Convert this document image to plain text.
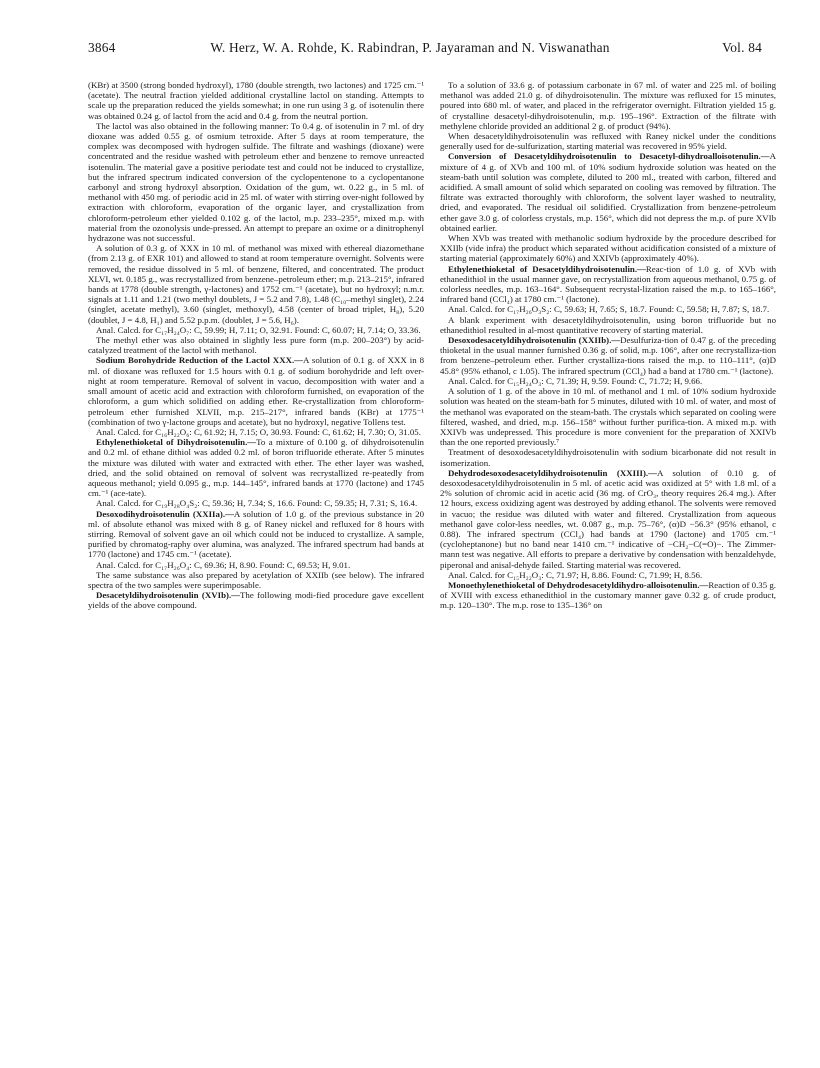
3864	W. Herz, W. A. Rohde, K. Rabindran, P. Jayaraman and N. Viswanathan	Vol. 84

(KBr) at 3500 (strong bonded hydroxyl), 1780 (double strength, two lactones) and 1725 cm.⁻¹ (acetate). The neutral fraction yielded additional crystalline lactol on standing. Attempts to scale up the preparation reduced the yields somewhat; in one run using 3 g. of isotenulin there was obtained 0.24 g. of lactol from the acid and 0.4 g. from the neutral portion.

The lactol was also obtained in the following manner: To 0.4 g. of isotenulin in 7 ml. of dry dioxane was added 0.55 g. of osmium tetroxide. After 5 days at room temperature, the complex was decomposed with hydrogen sulfide. The filtrate and washings (dioxane) were concentrated and the residue washed with petroleum ether and benzene to remove unreacted isotenulin. The material gave a positive periodate test and could not be induced to crystallize, but the infrared spectrum indicated conversion of the cyclopentenone to a cyclopentanone carbonyl and strong hydroxyl absorption. Oxidation of the gum, wt. 0.22 g., in 5 ml. of methanol with 450 mg. of periodic acid in 25 ml. of water with stirring over-night followed by extraction with chloroform, evaporation of the organic layer, and crystallization from chloroform-petroleum ether yielded 0.102 g. of the lactol, m.p. 233–235°, mixed m.p. with material from the ozonolysis unde-pressed. An attempt to prepare an oxime or a dinitrophenyl hydrazone was not successful.

A solution of 0.3 g. of XXX in 10 ml. of methanol was mixed with ethereal diazomethane (from 2.13 g. of EXR 101) and allowed to stand at room temperature overnight. Solvents were removed, the residue dissolved in 5 ml. of benzene, filtered, and concentrated. The product XLVI, wt. 0.185 g., was recrystallized from benzene–petroleum ether; m.p. 213–215°, infrared bands at 1778 (double strength, γ-lactones) and 1752 cm.⁻¹ (acetate), but no hydroxyl; n.m.r. signals at 1.11 and 1.21 (two methyl doublets, J = 5.2 and 7.8), 1.48 (C₁₀–methyl singlet), 2.24 (singlet, acetate methyl), 3.60 (singlet, methoxyl), 4.58 (center of broad triplet, H₈), 5.20 (doublet, J = 4.8, H₁) and 5.52 p.p.m. (doublet, J = 5.6, H₆).

Anal. Calcd. for C₁₇H₂₄O₇: C, 59.99; H, 7.11; O, 32.91. Found: C, 60.07; H, 7.14; O, 33.36.

The methyl ether was also obtained in slightly less pure form (m.p. 200–203°) by acid-catalyzed treatment of the lactol with methanol.

Sodium Borohydride Reduction of the Lactol XXX.—A solution of 0.1 g. of XXX in 8 ml. of dioxane was refluxed for 1.5 hours with 0.1 g. of sodium borohydride and left over-night at room temperature. Removal of solvent in vacuo, decomposition with water and a small amount of acetic acid and extraction with chloroform furnished, on evaporation of the chloroform, a gum which solidified on adding ether. Re-crystallization from chloroform-petroleum ether furnished XLVII, m.p. 215–217°, infrared bands (KBr) at 1775⁻¹ (combination of two γ-lactone groups and acetate), but no hydroxyl, negative Tollens test.

Anal. Calcd. for C₁₆H₂₂O₆: C, 61.92; H, 7.15; O, 30.93. Found: C, 61.62; H, 7.30; O, 31.05.

Ethylenethioketal of Dihydroisotenulin.—To a mixture of 0.100 g. of dihydroisotenulin and 0.2 ml. of ethane dithiol was added 0.2 ml. of boron trifluoride etherate. After 5 minutes the mixture was diluted with water and extracted with ether. The ether layer was washed, dried, and the solid obtained on removal of solvent was recrystallized re-peatedly from aqueous methanol; yield 0.095 g., m.p. 144–145°, infrared bands at 1770 (lactone) and 1745 cm.⁻¹ (ace-tate).

Anal. Calcd. for C₁₉H₂₈O₄S₂: C, 59.36; H, 7.34; S, 16.6. Found: C, 59.35; H, 7.31; S, 16.4.

Desoxodihydroisotenulin (XXIIa).—A solution of 1.0 g. of the previous substance in 20 ml. of absolute ethanol was mixed with 8 g. of Raney nickel and refluxed for 8 hours with stirring. Removal of solvent gave an oil which could not be induced to crystallize. A sample, purified by chromatog-raphy over alumina, was analyzed. The infrared spectrum had bands at 1770 (lactone) and 1745 cm.⁻¹ (acetate).

Anal. Calcd. for C₁₇H₂₆O₄: C, 69.36; H, 8.90. Found: C, 69.53; H, 9.01.

The same substance was also prepared by acetylation of XXIIb (see below). The infrared spectra of the two samples were superimposable.

Desacetyldihydroisotenulin (XVIb).—The following modi-fied procedure gave excellent yields of the above compound.

To a solution of 33.6 g. of potassium carbonate in 67 ml. of water and 225 ml. of boiling methanol was added 21.0 g. of dihydroisotenulin. The mixture was refluxed for 15 minutes, poured into 680 ml. of water, and placed in the refrigerator overnight. Filtration yielded 15 g. of crystalline desacetyl-dihydroisotenulin, m.p. 195–196°. Extraction of the filtrate with methylene chloride provided an additional 2 g. of product (94%).

When desacetyldihydroisotenulin was refluxed with Raney nickel under the conditions generally used for de-sulfurization, starting material was recovered in 95% yield.

Conversion of Desacetyldihydroisotenulin to Desacetyl-dihydroalloisotenulin.—A mixture of 4 g. of XVb and 100 ml. of 10% sodium hydroxide solution was heated on the steam-bath until solution was complete, diluted to 200 ml., treated with carbon, filtered and acidified. A small amount of solid which separated on cooling was removed by filtration. The filtrate was extracted thoroughly with chloroform, the solvent layer washed to neutrality, dried, and evaporated. The residual oil solidified. Crystallization from benzene-petroleum ether gave 3.0 g. of colorless crystals, m.p. 156°, which did not depress the m.p. of pure XVIb obtained earlier.

When XVb was treated with methanolic sodium hydroxide by the procedure described for XXIIb (vide infra) the product which separated without acidification consisted of a mixture of starting material (approximately 60%) and XXIVb (approximately 40%).

Ethylenethioketal of Desacetyldihydroisotenulin.—Reac-tion of 1.0 g. of XVb with ethanedithiol in the usual manner gave, on recrystallization from aqueous methanol, 0.75 g. of colorless needles, m.p. 163–164°. Subsequent recrystal-lization raised the m.p. to 165–166°, infrared band (CCl₄) at 1780 cm.⁻¹ (lactone).

Anal. Calcd. for C₁₇H₂₆O₃S₂: C, 59.63; H, 7.65; S, 18.7. Found: C, 59.58; H, 7.87; S, 18.7.

A blank experiment with desacetyldihydroisotenulin, using boron trifluoride but no ethanedithiol resulted in al-most quantitative recovery of starting material.

Desoxodesacetyldihydroisotenulin (XXIIb).—Desulfuriza-tion of 0.47 g. of the preceding thioketal in the usual manner furnished 0.36 g. of solid, m.p. 106°, after one recrystalliza-tion from benzene–petroleum ether. Further crystalliza-tions raised the m.p. to 110–111°, (α)D 45.8° (95% ethanol, c 1.05). The infrared spectrum (CCl₄) had a band at 1780 cm.⁻¹ (lactone).

Anal. Calcd. for C₁₅H₂₄O₃: C, 71.39; H, 9.59. Found: C, 71.72; H, 9.66.

A solution of 1 g. of the above in 10 ml. of methanol and 1 ml. of 10% sodium hydroxide solution was heated on the steam-bath for 5 minutes, diluted with 10 ml. of water, and most of the methanol was evaporated on the steam-bath. The crystals which separated on cooling were filtered, washed, and dried, m.p. 156–158° without further purifica-tion. A mixed m.p. with XXIVb was undepressed. This procedure is more convenient for the preparation of XXIVb than the one reported previously.⁷

Treatment of desoxodesacetyldihydroisotenulin with sodium bicarbonate did not result in isomerization.

Dehydrodesoxodesacetyldihydroisotenulin (XXIII).—A solution of 0.10 g. of desoxodesacetyldihydroisotenulin in 5 ml. of acetic acid was oxidized at 5° with 1.8 ml. of a 2% solution of chromic acid in acetic acid (36 mg. of CrO₃, theory requires 26.4 mg.). After 12 hours, excess oxidizing agent was destroyed by adding ethanol. The solvents were removed in vacuo; the residue was diluted with water and filtered. Crystallization from aqueous methanol gave color-less needles, wt. 0.087 g., m.p. 75–76°, (α)D −56.3° (95% ethanol, c 0.88). The infrared spectrum (CCl₄) had bands at 1790 (lactone) and 1705 cm.⁻¹ (cycloheptanone) but no band near 1410 cm.⁻¹ indicative of −CH₂−C(=O)−. The Zimmer-mann test was negative. All efforts to prepare a derivative by condensation with benzaldehyde, piperonal and anisal-dehyde failed. Starting material was recovered.

Anal. Calcd. for C₁₅H₂₂O₃: C, 71.97; H, 8.86. Found: C, 71.99; H, 8.56.

Monoethylenethioketal of Dehydrodesacetyldihydro-alloisotenulin.—Reaction of 0.35 g. of XVIII with excess ethanedithiol in the customary manner gave 0.32 g. of crude product, m.p. 120–130°. The m.p. rose to 135–136° on
